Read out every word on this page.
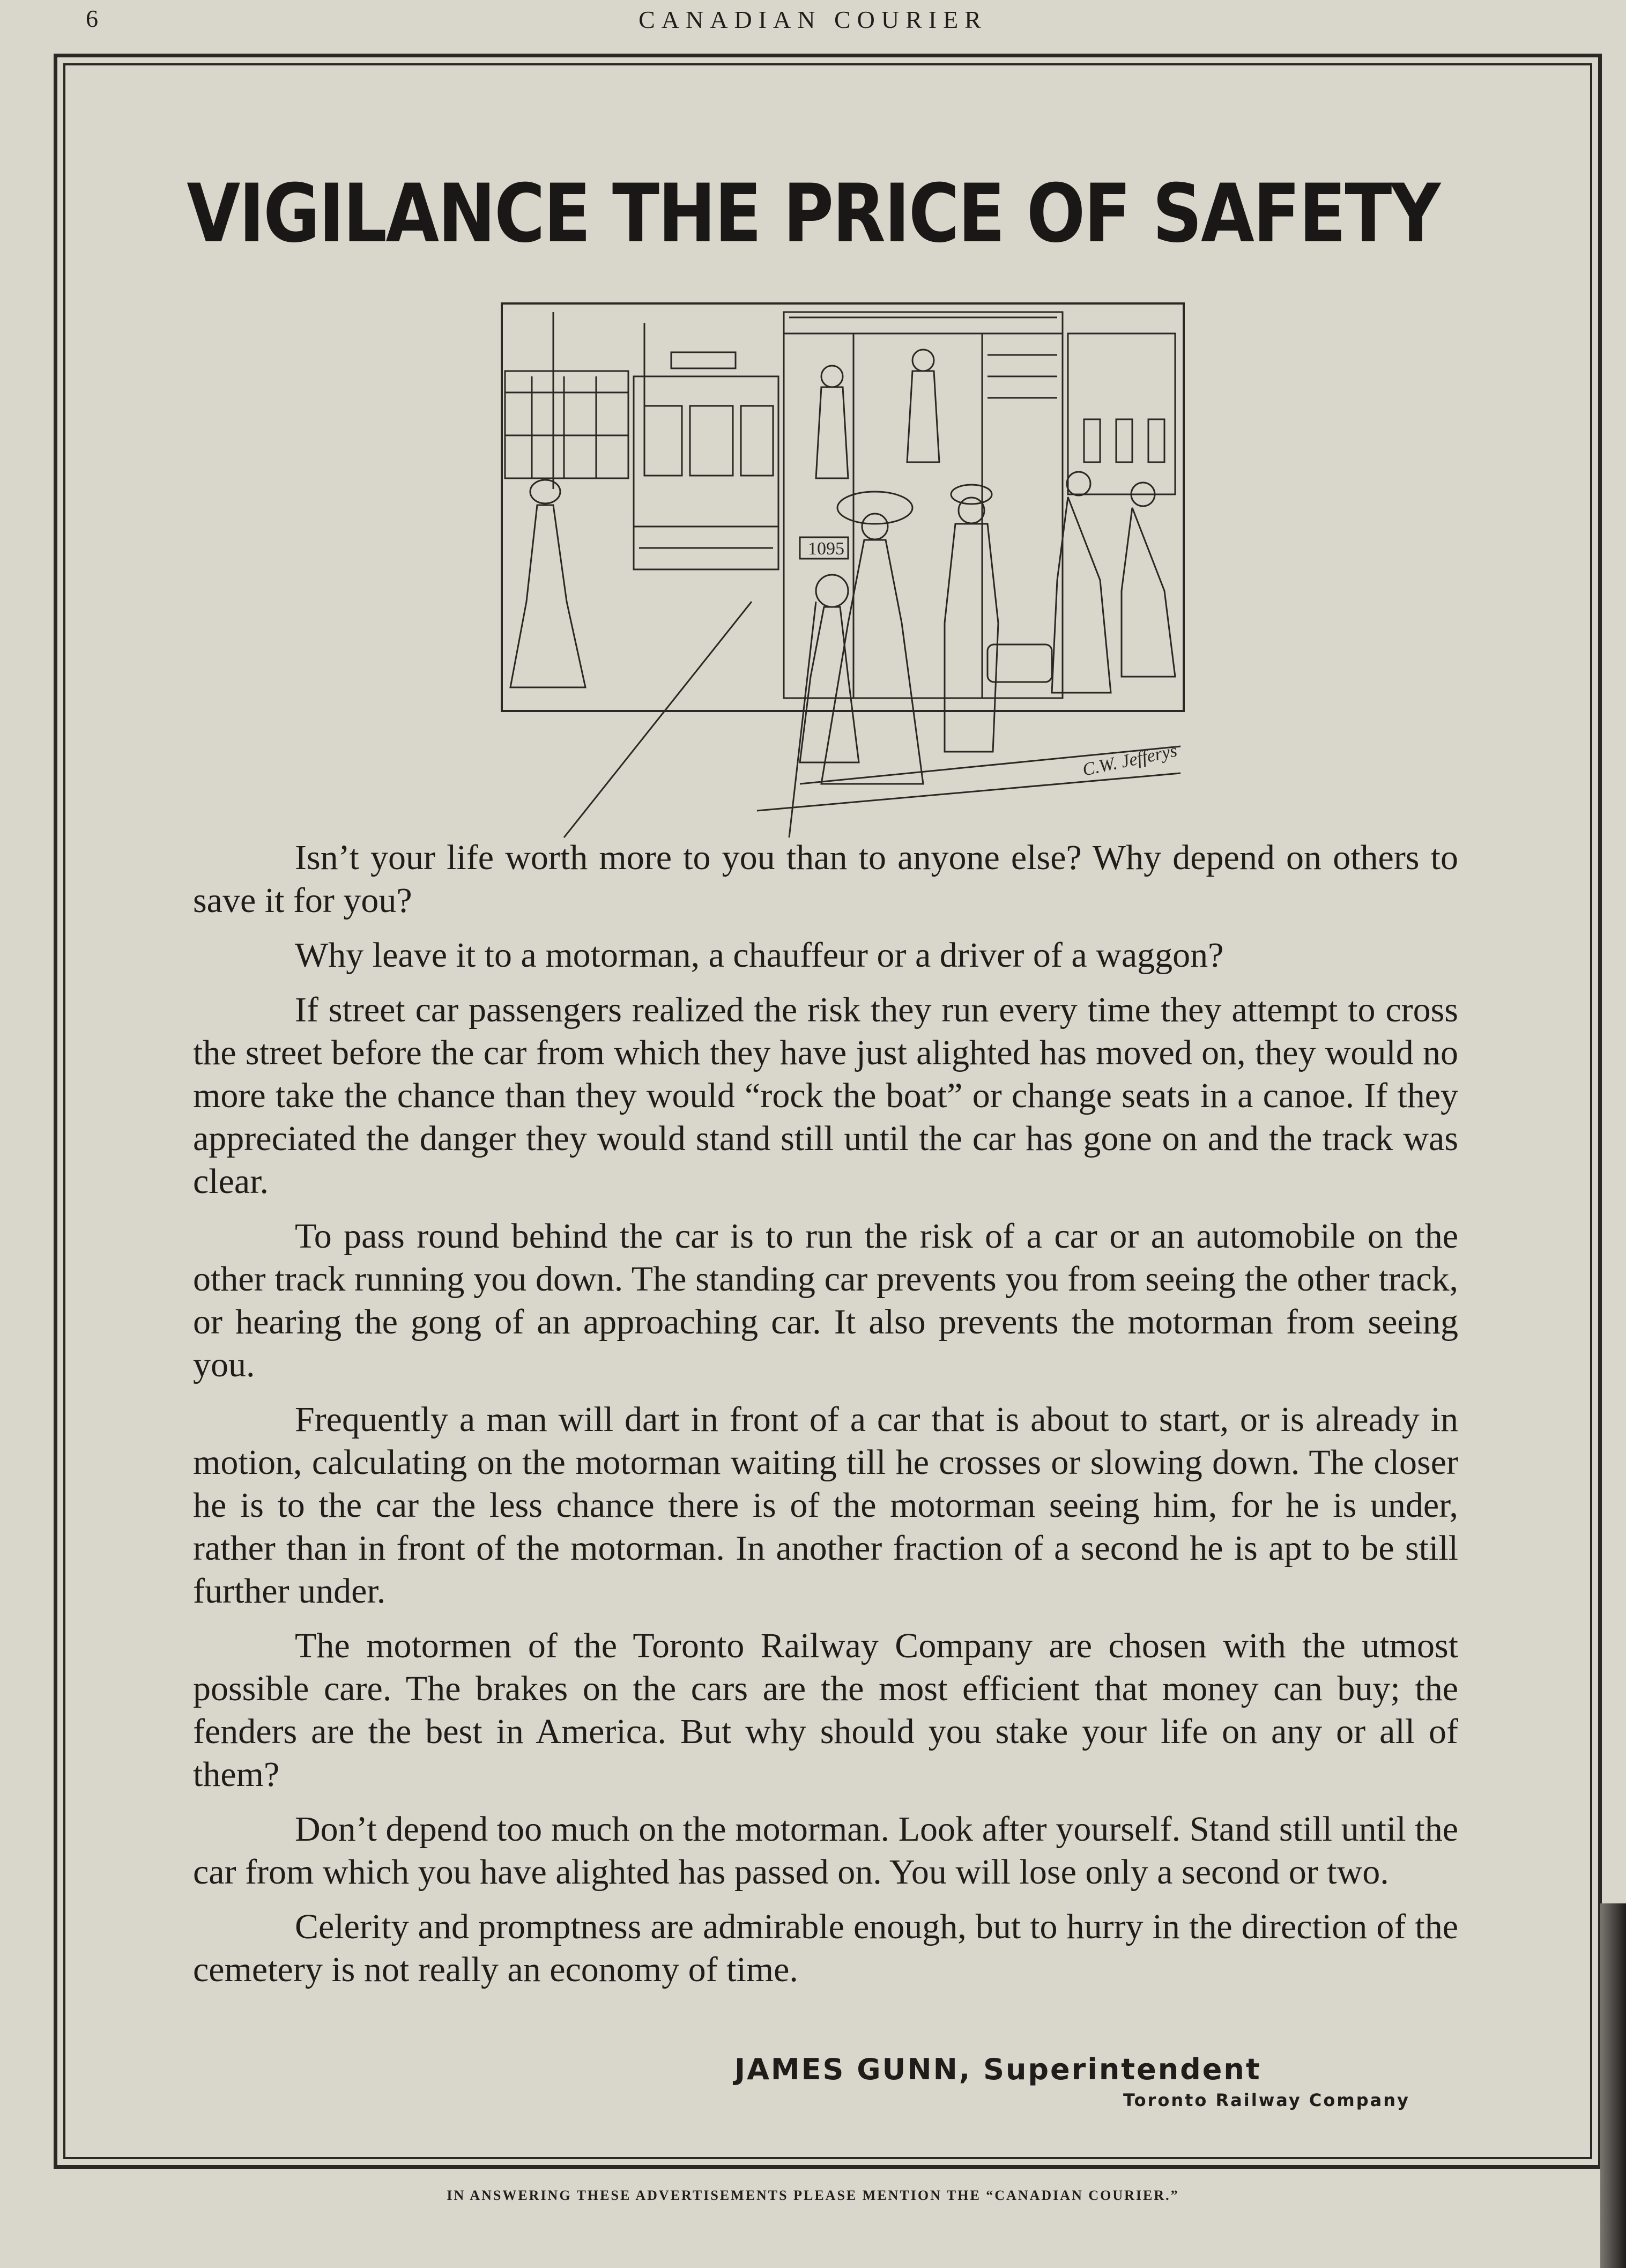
6	CANADIAN COURIER
VIGILANCE THE PRICE OF SAFETY
1095
C.W. Jefferys

Isn’t your life worth more to you than to anyone else? Why depend on others to save it for you?

Why leave it to a motorman, a chauffeur or a driver of a waggon?

If street car passengers realized the risk they run every time they attempt to cross the street before the car from which they have just alighted has moved on, they would no more take the chance than they would “rock the boat” or change seats in a canoe. If they appreciated the danger they would stand still until the car has gone on and the track was clear.

To pass round behind the car is to run the risk of a car or an automobile on the other track running you down. The standing car prevents you from seeing the other track, or hearing the gong of an approaching car. It also prevents the motorman from seeing you.

Frequently a man will dart in front of a car that is about to start, or is already in motion, calculating on the motorman waiting till he crosses or slowing down. The closer he is to the car the less chance there is of the motorman seeing him, for he is under, rather than in front of the motorman. In another fraction of a second he is apt to be still further under.

The motormen of the Toronto Railway Company are chosen with the utmost possible care. The brakes on the cars are the most efficient that money can buy; the fenders are the best in America. But why should you stake your life on any or all of them?

Don’t depend too much on the motorman. Look after yourself. Stand still until the car from which you have alighted has passed on. You will lose only a second or two.

Celerity and promptness are admirable enough, but to hurry in the direction of the cemetery is not really an economy of time.

JAMES GUNN, Superintendent
Toronto Railway Company
IN ANSWERING THESE ADVERTISEMENTS PLEASE MENTION THE “CANADIAN COURIER.”
